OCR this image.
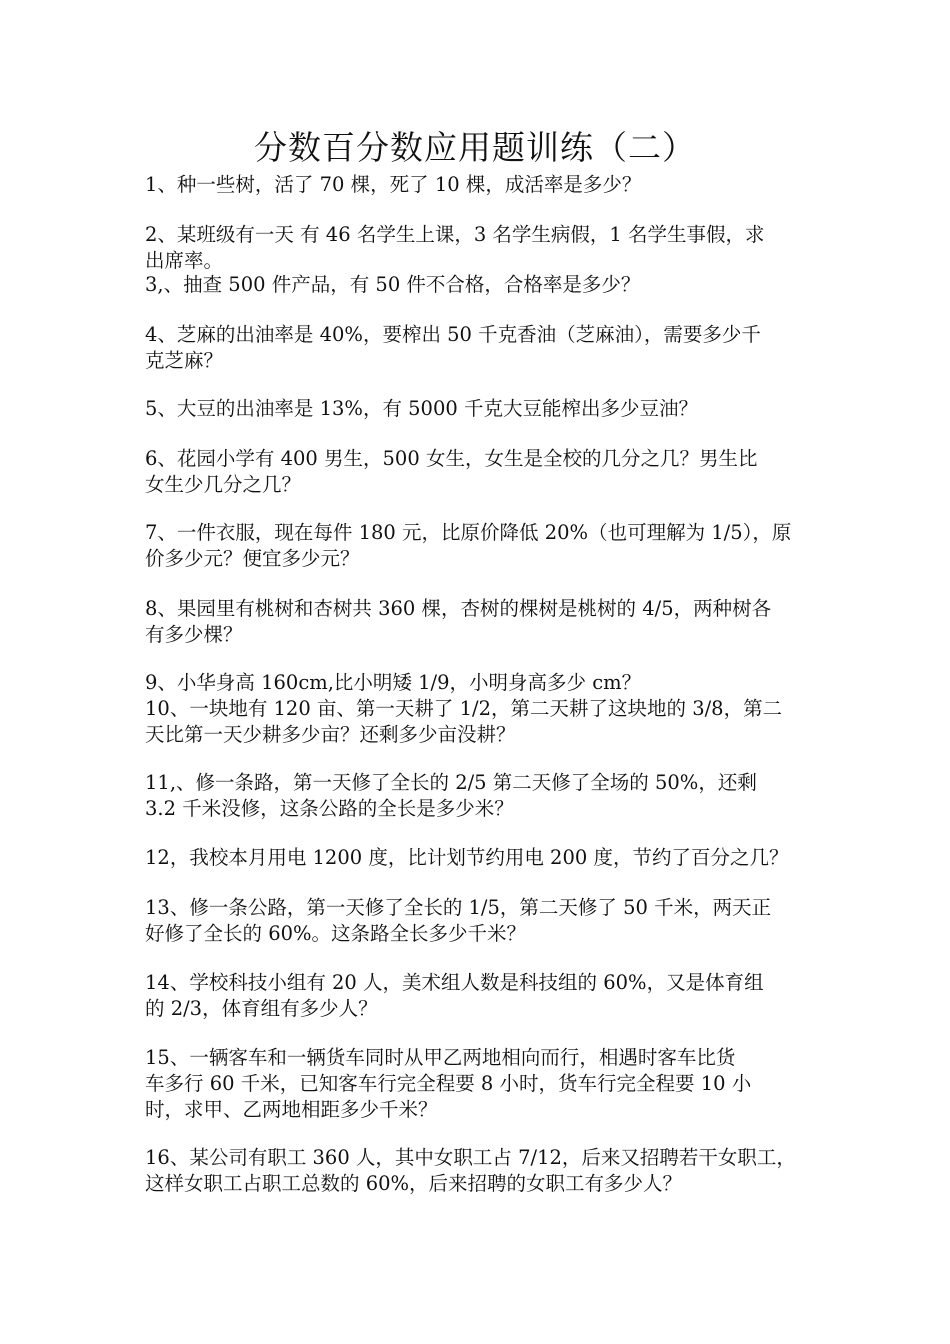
分数百分数应用题训练（二）
1、种一些树，活了 70 棵，死了 10 棵，成活率是多少？
2、某班级有一天 有 46 名学生上课，3 名学生病假，1 名学生事假，求
出席率。
3,、抽查 500 件产品，有 50 件不合格，合格率是多少？
4、芝麻的出油率是 40%，要榨出 50 千克香油（芝麻油），需要多少千
克芝麻？
5、大豆的出油率是 13%，有 5000 千克大豆能榨出多少豆油？
6、花园小学有 400 男生，500 女生，女生是全校的几分之几？男生比
女生少几分之几？
7、一件衣服，现在每件 180 元，比原价降低 20%（也可理解为 1/5），原
价多少元？便宜多少元？
8、果园里有桃树和杏树共 360 棵，杏树的棵树是桃树的 4/5，两种树各
有多少棵？
9、小华身高 160cm,比小明矮 1/9，小明身高多少 cm？
10、一块地有 120 亩、第一天耕了 1/2，第二天耕了这块地的 3/8，第二
天比第一天少耕多少亩？还剩多少亩没耕？
11,、修一条路，第一天修了全长的 2/5 第二天修了全场的 50%，还剩
3.2 千米没修，这条公路的全长是多少米？
12，我校本月用电 1200 度，比计划节约用电 200 度，节约了百分之几？
13、修一条公路，第一天修了全长的 1/5，第二天修了 50 千米，两天正
好修了全长的 60%。这条路全长多少千米？
14、学校科技小组有 20 人，美术组人数是科技组的 60%，又是体育组
的 2/3，体育组有多少人？
15、一辆客车和一辆货车同时从甲乙两地相向而行，相遇时客车比货
车多行 60 千米，已知客车行完全程要 8 小时，货车行完全程要 10 小
时，求甲、乙两地相距多少千米？
16、某公司有职工 360 人，其中女职工占 7/12，后来又招聘若干女职工，
这样女职工占职工总数的 60%，后来招聘的女职工有多少人？
